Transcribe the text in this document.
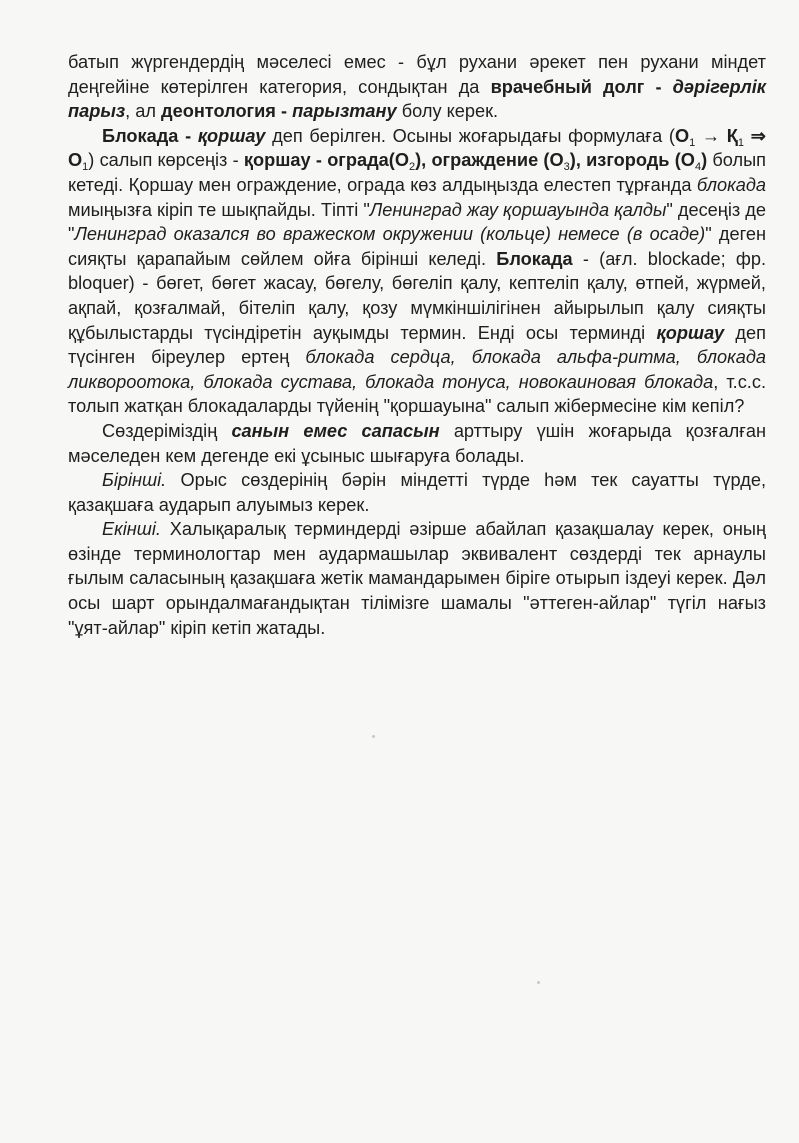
батып жүргендердің мәселесі емес - бұл рухани әрекет пен рухани міндет деңгейіне көтерілген категория, сондықтан да врачебный долг - дәрігерлік парыз, ал деонтология - парызтану болу керек.

Блокада - қоршау деп берілген. Осыны жоғарыдағы формулаға ($О_1 \to Қ_1$ ⇒ $О_1$) салып көрсеңіз - қоршау - $ограда(О_2)$, ограждение $(О_3)$, изгородь $(О_4)$ болып кетеді. Қоршау мен ограждение, ограда көз алдыңызда елестеп тұрғанда блокада миыңызға кіріп те шықпайды. Тіпті "Ленинград жау қоршауында қалды" десеңіз де "Ленинград оказался во вражеском окружении (кольце) немесе (в осаде)" деген сияқты қарапайым сөйлем ойға бірінші келеді. Блокада - (ағл. blockade; фр. bloquer) - бөгет, бөгет жасау, бөгелу, бөгеліп қалу, кептеліп қалу, өтпей, жүрмей, ақпай, қозғалмай, бітеліп қалу, қозу мүмкіншілігінен айырылып қалу сияқты құбылыстарды түсіндіретін ауқымды термин. Енді осы терминді қоршау деп түсінген біреулер ертең блокада сердца, блокада альфа-ритма, блокада ликвороотока, блокада сустава, блокада тонуса, новокаиновая блокада, т.с.с. толып жатқан блокадаларды түйенің "қоршауына" салып жібермесіне кім кепіл?

Сөздеріміздің санын емес сапасын арттыру үшін жоғарыда қозғалған мәселеден кем дегенде екі ұсыныс шығаруға болады.

Бірінші. Орыс сөздерінің бәрін міндетті түрде һәм тек сауатты түрде, қазақшаға аударып алуымыз керек.

Екінші. Халықаралық терминдерді әзірше абайлап қазақшалау керек, оның өзінде терминологтар мен аудармашылар эквивалент сөздерді тек арнаулы ғылым саласының қазақшаға жетік мамандарымен біріге отырып іздеуі керек. Дәл осы шарт орындалмағандықтан тілімізге шамалы "әттеген-айлар" түгіл нағыз "ұят-айлар" кіріп кетіп жатады.
